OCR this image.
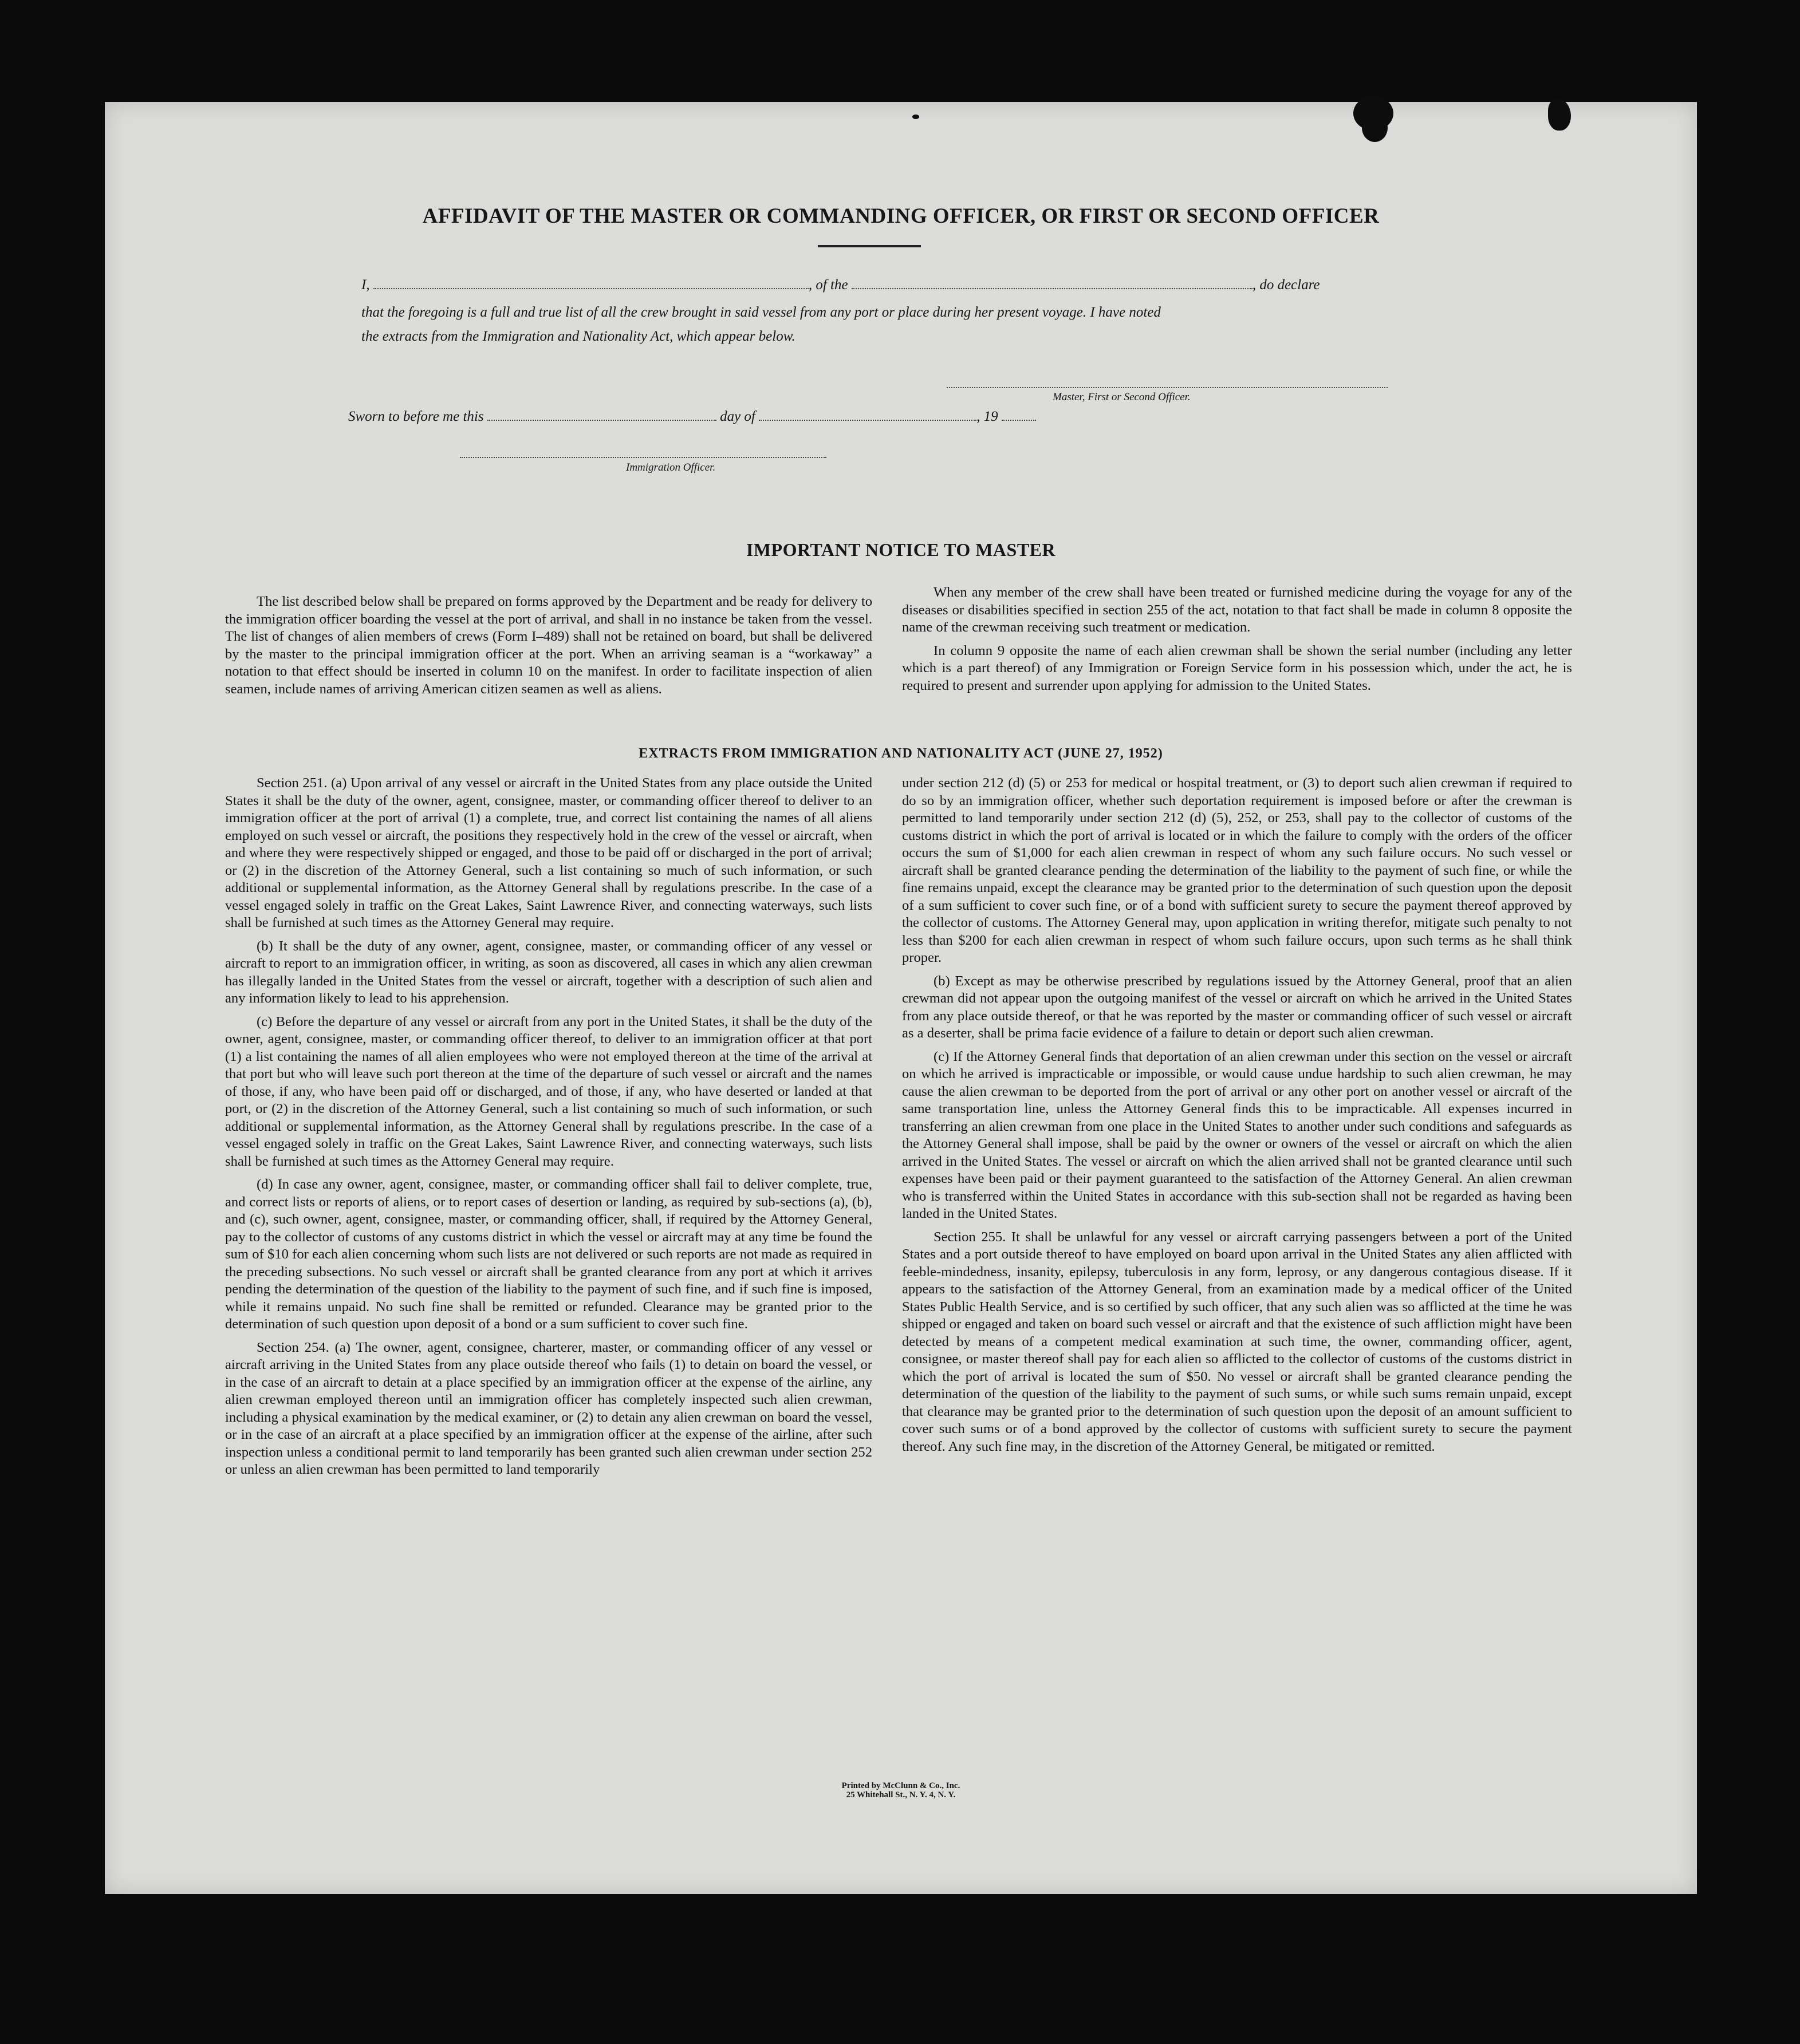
AFFIDAVIT OF THE MASTER OR COMMANDING OFFICER, OR FIRST OR SECOND OFFICER
I,	, of the	, do declare
that the foregoing is a full and true list of all the crew brought in said vessel from any port or place during her present voyage. I have noted
the extracts from the Immigration and Nationality Act, which appear below.
Master, First or Second Officer.
Sworn to before me this	day of	, 19
Immigration Officer.
IMPORTANT NOTICE TO MASTER

The list described below shall be prepared on forms approved by the Department and be ready for delivery to the immigration officer boarding the vessel at the port of arrival, and shall in no instance be taken from the vessel. The list of changes of alien members of crews (Form I–489) shall not be retained on board, but shall be delivered by the master to the principal immigration officer at the port. When an arriving seaman is a “workaway” a notation to that effect should be inserted in column 10 on the manifest. In order to facilitate inspection of alien seamen, include names of arriving American citizen seamen as well as aliens.

When any member of the crew shall have been treated or furnished medicine during the voyage for any of the diseases or disabilities specified in section 255 of the act, notation to that fact shall be made in column 8 opposite the name of the crewman receiving such treatment or medication.

In column 9 opposite the name of each alien crewman shall be shown the serial number (including any letter which is a part thereof) of any Immigration or Foreign Service form in his possession which, under the act, he is required to present and surrender upon applying for admission to the United States.

EXTRACTS FROM IMMIGRATION AND NATIONALITY ACT (JUNE 27, 1952)

Section 251. (a) Upon arrival of any vessel or aircraft in the United States from any place outside the United States it shall be the duty of the owner, agent, consignee, master, or commanding officer thereof to deliver to an immigration officer at the port of arrival (1) a complete, true, and correct list containing the names of all aliens employed on such vessel or aircraft, the positions they respectively hold in the crew of the vessel or aircraft, when and where they were respectively shipped or engaged, and those to be paid off or discharged in the port of arrival; or (2) in the discretion of the Attorney General, such a list containing so much of such information, or such additional or supplemental information, as the Attorney General shall by regulations prescribe. In the case of a vessel engaged solely in traffic on the Great Lakes, Saint Lawrence River, and connecting waterways, such lists shall be furnished at such times as the Attorney General may require.

(b) It shall be the duty of any owner, agent, consignee, master, or commanding officer of any vessel or aircraft to report to an immigration officer, in writing, as soon as discovered, all cases in which any alien crewman has illegally landed in the United States from the vessel or aircraft, together with a description of such alien and any information likely to lead to his apprehension.

(c) Before the departure of any vessel or aircraft from any port in the United States, it shall be the duty of the owner, agent, consignee, master, or commanding officer thereof, to deliver to an immigration officer at that port (1) a list containing the names of all alien employees who were not employed thereon at the time of the arrival at that port but who will leave such port thereon at the time of the departure of such vessel or aircraft and the names of those, if any, who have been paid off or discharged, and of those, if any, who have deserted or landed at that port, or (2) in the discretion of the Attorney General, such a list containing so much of such information, or such additional or supplemental information, as the Attorney General shall by regulations prescribe. In the case of a vessel engaged solely in traffic on the Great Lakes, Saint Lawrence River, and connecting waterways, such lists shall be furnished at such times as the Attorney General may require.

(d) In case any owner, agent, consignee, master, or commanding officer shall fail to deliver complete, true, and correct lists or reports of aliens, or to report cases of desertion or landing, as required by sub-sections (a), (b), and (c), such owner, agent, consignee, master, or commanding officer, shall, if required by the Attorney General, pay to the collector of customs of any customs district in which the vessel or aircraft may at any time be found the sum of $10 for each alien concerning whom such lists are not delivered or such reports are not made as required in the preceding subsections. No such vessel or aircraft shall be granted clearance from any port at which it arrives pending the determination of the question of the liability to the payment of such fine, and if such fine is imposed, while it remains unpaid. No such fine shall be remitted or refunded. Clearance may be granted prior to the determination of such question upon deposit of a bond or a sum sufficient to cover such fine.

Section 254. (a) The owner, agent, consignee, charterer, master, or commanding officer of any vessel or aircraft arriving in the United States from any place outside thereof who fails (1) to detain on board the vessel, or in the case of an aircraft to detain at a place specified by an immigration officer at the expense of the airline, any alien crewman employed thereon until an immigration officer has completely inspected such alien crewman, including a physical examination by the medical examiner, or (2) to detain any alien crewman on board the vessel, or in the case of an aircraft at a place specified by an immigration officer at the expense of the airline, after such inspection unless a conditional permit to land temporarily has been granted such alien crewman under section 252 or unless an alien crewman has been permitted to land temporarily

under section 212 (d) (5) or 253 for medical or hospital treatment, or (3) to deport such alien crewman if required to do so by an immigration officer, whether such deportation requirement is imposed before or after the crewman is permitted to land temporarily under section 212 (d) (5), 252, or 253, shall pay to the collector of customs of the customs district in which the port of arrival is located or in which the failure to comply with the orders of the officer occurs the sum of $1,000 for each alien crewman in respect of whom any such failure occurs. No such vessel or aircraft shall be granted clearance pending the determination of the liability to the payment of such fine, or while the fine remains unpaid, except the clearance may be granted prior to the determination of such question upon the deposit of a sum sufficient to cover such fine, or of a bond with sufficient surety to secure the payment thereof approved by the collector of customs. The Attorney General may, upon application in writing therefor, mitigate such penalty to not less than $200 for each alien crewman in respect of whom such failure occurs, upon such terms as he shall think proper.

(b) Except as may be otherwise prescribed by regulations issued by the Attorney General, proof that an alien crewman did not appear upon the outgoing manifest of the vessel or aircraft on which he arrived in the United States from any place outside thereof, or that he was reported by the master or commanding officer of such vessel or aircraft as a deserter, shall be prima facie evidence of a failure to detain or deport such alien crewman.

(c) If the Attorney General finds that deportation of an alien crewman under this section on the vessel or aircraft on which he arrived is impracticable or impossible, or would cause undue hardship to such alien crewman, he may cause the alien crewman to be deported from the port of arrival or any other port on another vessel or aircraft of the same transportation line, unless the Attorney General finds this to be impracticable. All expenses incurred in transferring an alien crewman from one place in the United States to another under such conditions and safeguards as the Attorney General shall impose, shall be paid by the owner or owners of the vessel or aircraft on which the alien arrived in the United States. The vessel or aircraft on which the alien arrived shall not be granted clearance until such expenses have been paid or their payment guaranteed to the satisfaction of the Attorney General. An alien crewman who is transferred within the United States in accordance with this sub-section shall not be regarded as having been landed in the United States.

Section 255. It shall be unlawful for any vessel or aircraft carrying passengers between a port of the United States and a port outside thereof to have employed on board upon arrival in the United States any alien afflicted with feeble-mindedness, insanity, epilepsy, tuberculosis in any form, leprosy, or any dangerous contagious disease. If it appears to the satisfaction of the Attorney General, from an examination made by a medical officer of the United States Public Health Service, and is so certified by such officer, that any such alien was so afflicted at the time he was shipped or engaged and taken on board such vessel or aircraft and that the existence of such affliction might have been detected by means of a competent medical examination at such time, the owner, commanding officer, agent, consignee, or master thereof shall pay for each alien so afflicted to the collector of customs of the customs district in which the port of arrival is located the sum of $50. No vessel or aircraft shall be granted clearance pending the determination of the question of the liability to the payment of such sums, or while such sums remain unpaid, except that clearance may be granted prior to the determination of such question upon the deposit of an amount sufficient to cover such sums or of a bond approved by the collector of customs with sufficient surety to secure the payment thereof. Any such fine may, in the discretion of the Attorney General, be mitigated or remitted.

Printed by McClunn & Co., Inc.
25 Whitehall St., N. Y. 4, N. Y.
